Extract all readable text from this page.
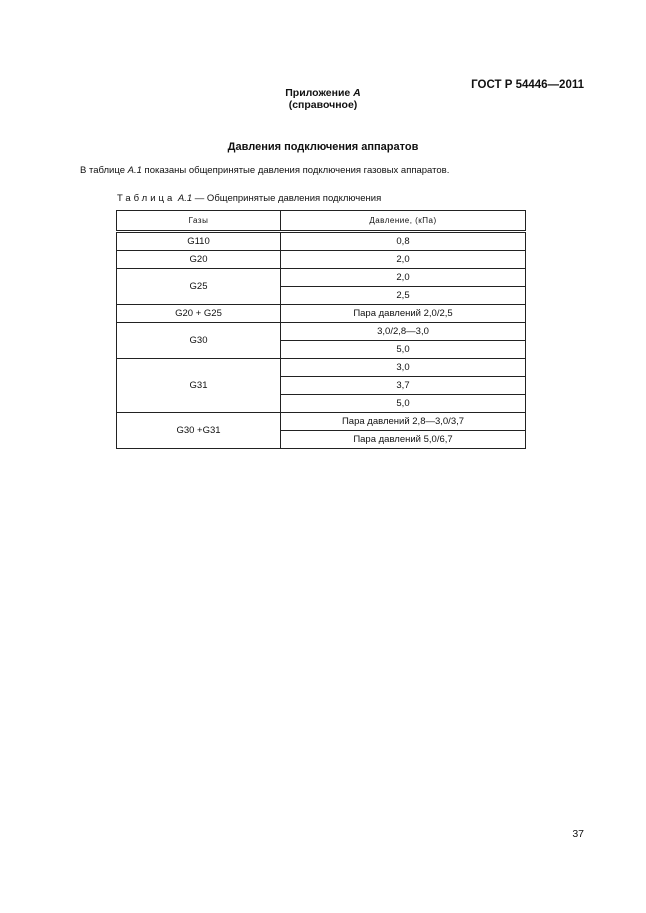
ГОСТ Р 54446—2011
Приложение А
(справочное)
Давления подключения аппаратов
В таблице А.1 показаны общепринятые давления подключения газовых аппаратов.
Таблица А.1 — Общепринятые давления подключения
Газы	Давление, (кПа)
G110	0,8
G20	2,0
G25	2,0
	2,5
G20 + G25	Пара давлений 2,0/2,5
G30	3,0/2,8—3,0
	5,0
G31	3,0
	3,7
	5,0
G30 +G31	Пара давлений 2,8—3,0/3,7
	Пара давлений 5,0/6,7
37
